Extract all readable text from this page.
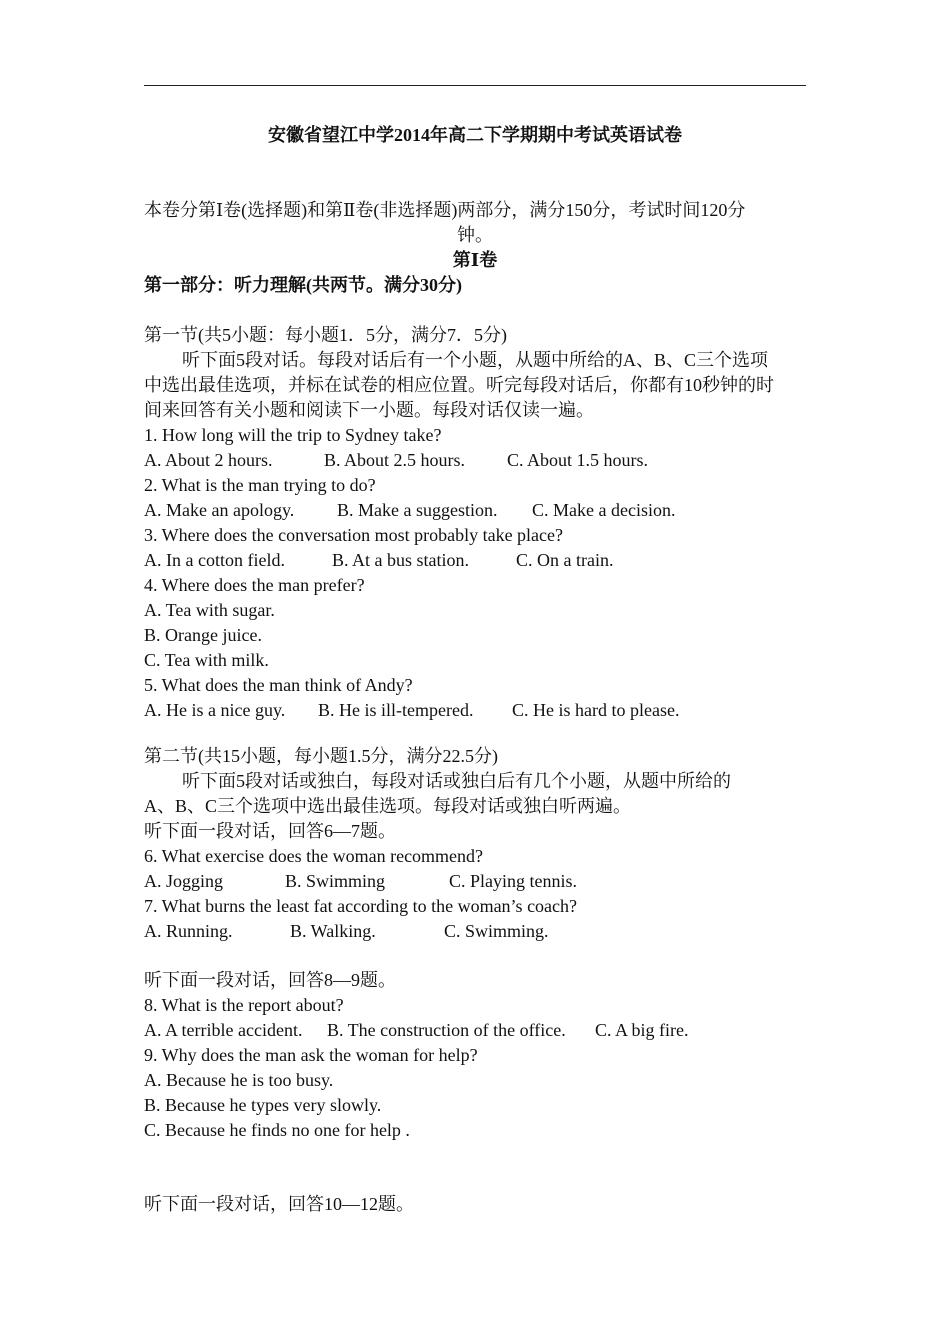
安徽省望江中学2014年高二下学期期中考试英语试卷
本卷分第Ⅰ卷(选择题)和第Ⅱ卷(非选择题)两部分，满分150分，考试时间120分
钟。
第Ⅰ卷
第一部分：听力理解(共两节。满分30分)
第一节(共5小题：每小题1．5分，满分7．5分)
听下面5段对话。每段对话后有一个小题，从题中所给的A、B、C三个选项
中选出最佳选项，并标在试卷的相应位置。听完每段对话后，你都有10秒钟的时
间来回答有关小题和阅读下一小题。每段对话仅读一遍。
1. How long will the trip to Sydney take?
A. About 2 hours.	B. About 2.5 hours. C. About 1.5 hours.
2. What is the man trying to do?
A. Make an apology. B. Make a suggestion. C. Make a decision.
3. Where does the conversation most probably take place?
A. In a cotton field.	B. At a bus station.	C. On a train.
4. Where does the man prefer?
A. Tea with sugar.
B. Orange juice.
C. Tea with milk.
5. What does the man think of Andy?
A. He is a nice guy. B. He is ill-tempered. C. He is hard to please.
第二节(共15小题，每小题1.5分，满分22.5分)
听下面5段对话或独白，每段对话或独白后有几个小题，从题中所给的
A、B、C三个选项中选出最佳选项。每段对话或独白听两遍。
听下面一段对话，回答6—7题。
6. What exercise does the woman recommend?
A. Jogging	B. Swimming	C. Playing tennis.
7. What burns the least fat according to the woman’s coach?
A. Running.	B. Walking.	C. Swimming.
听下面一段对话，回答8—9题。
8. What is the report about?
A. A terrible accident. B. The construction of the office. C. A big fire.
9. Why does the man ask the woman for help?
A. Because he is too busy.
B. Because he types very slowly.
C. Because he finds no one for help .
听下面一段对话，回答10—12题。
